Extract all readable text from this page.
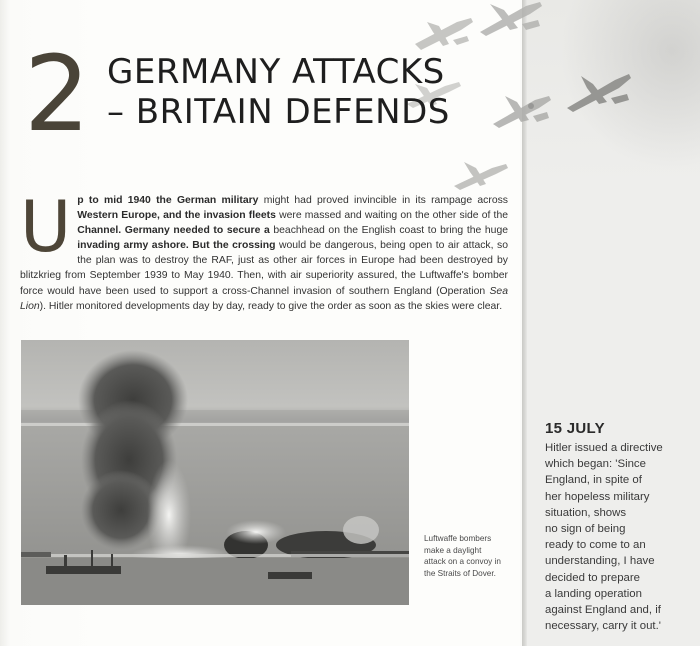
2 GERMANY ATTACKS
– BRITAIN DEFENDS
Up to mid 1940 the German military might had proved invincible in its rampage across Western Europe, and the invasion fleets were massed and waiting on the other side of the Channel. Germany needed to secure a beachhead on the English coast to bring the huge invading army ashore. But the crossing would be dangerous, being open to air attack, so the plan was to destroy the RAF, just as other air forces in Europe had been destroyed by blitzkrieg from September 1939 to May 1940. Then, with air superiority assured, the Luftwaffe's bomber force would have been used to support a cross-Channel invasion of southern England (Operation Sea Lion). Hitler monitored developments day by day, ready to give the order as soon as the skies were clear.
Luftwaffe bombers make a daylight attack on a convoy in the Straits of Dover.
15 JULY
Hitler issued a directive
which began: 'Since
England, in spite of
her hopeless military
situation, shows
no sign of being
ready to come to an
understanding, I have
decided to prepare
a landing operation
against England and, if
necessary, carry it out.'
